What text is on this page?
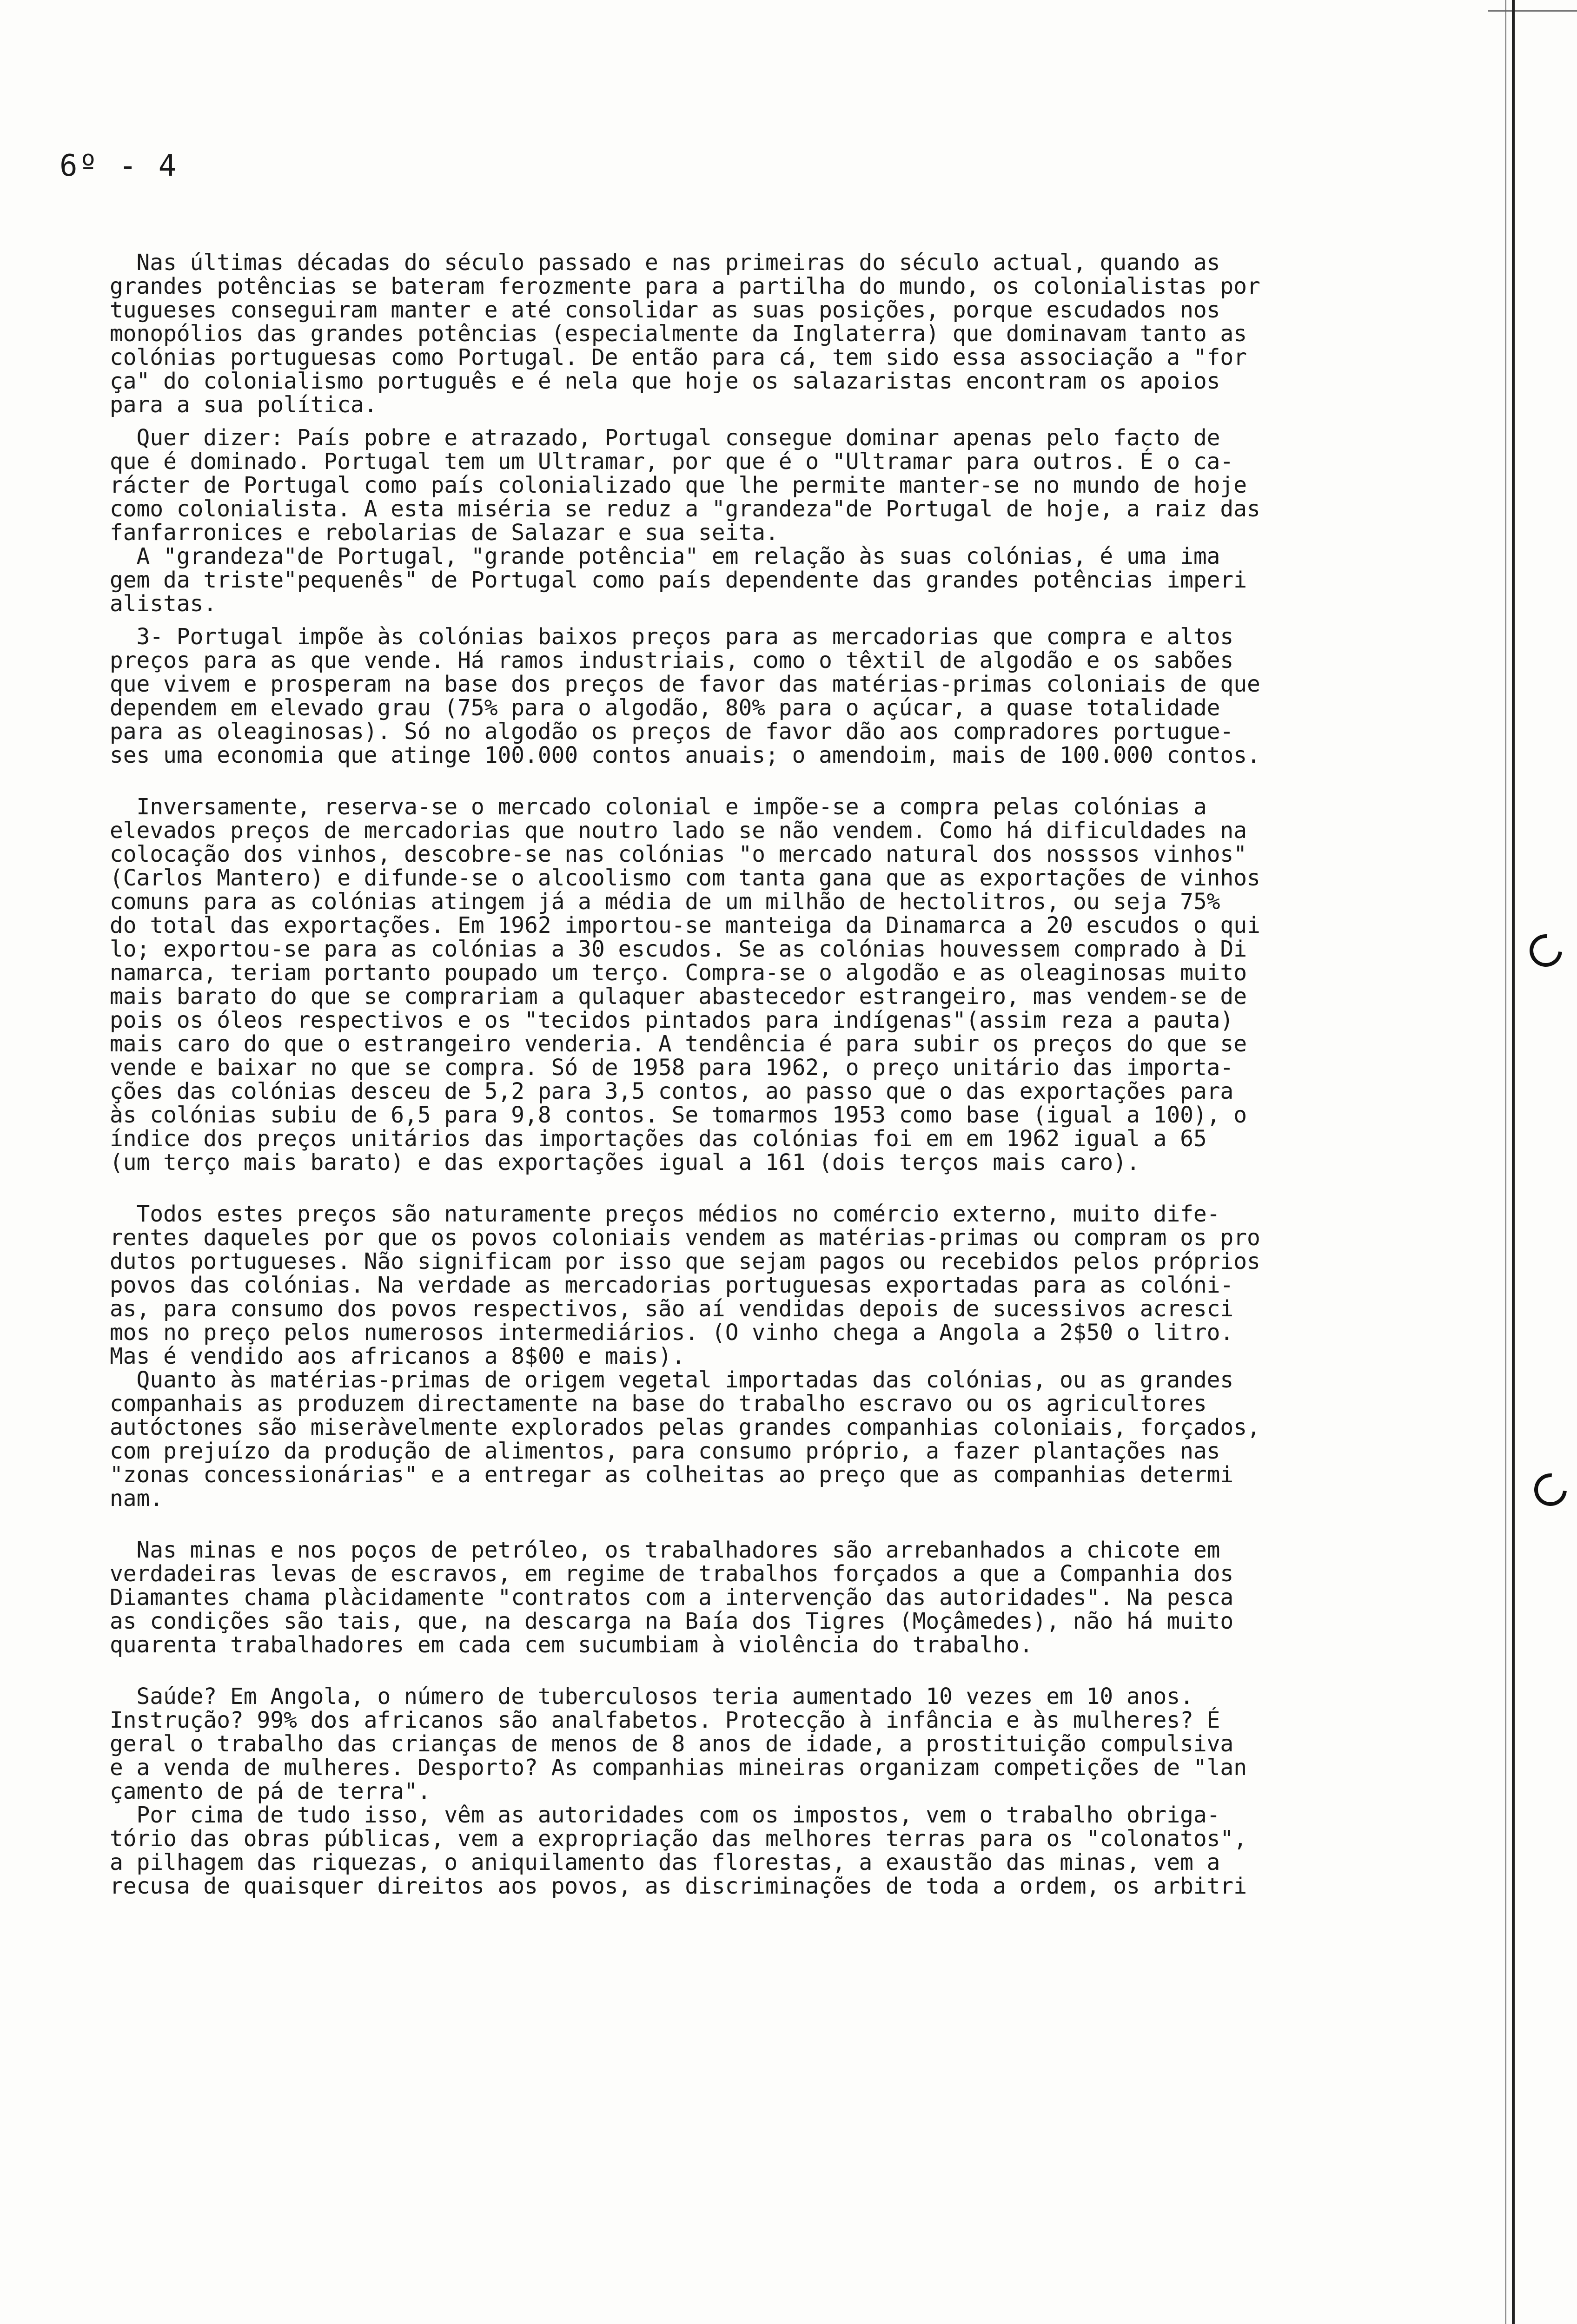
6º - 4
Nas últimas décadas do século passado e nas primeiras do século actual, quando as
grandes potências se bateram ferozmente para a partilha do mundo, os colonialistas por
tugueses conseguiram manter e até consolidar as suas posições, porque escudados nos
monopólios das grandes potências (especialmente da Inglaterra) que dominavam tanto as
colónias portuguesas como Portugal. De então para cá, tem sido essa associação a "for
ça" do colonialismo português e é nela que hoje os salazaristas encontram os apoios
para a sua política.
Quer dizer: País pobre e atrazado, Portugal consegue dominar apenas pelo facto de
que é dominado. Portugal tem um Ultramar, por que é o "Ultramar para outros. É o ca-
rácter de Portugal como país colonializado que lhe permite manter-se no mundo de hoje
como colonialista. A esta miséria se reduz a "grandeza"de Portugal de hoje, a raiz das
fanfarronices e rebolarias de Salazar e sua seita.
A "grandeza"de Portugal, "grande potência" em relação às suas colónias, é uma ima
gem da triste"pequenês" de Portugal como país dependente das grandes potências imperi
alistas.
3- Portugal impõe às colónias baixos preços para as mercadorias que compra e altos
preços para as que vende. Há ramos industriais, como o têxtil de algodão e os sabões
que vivem e prosperam na base dos preços de favor das matérias-primas coloniais de que
dependem em elevado grau (75% para o algodão, 80% para o açúcar, a quase totalidade
para as oleaginosas). Só no algodão os preços de favor dão aos compradores portugue-
ses uma economia que atinge 100.000 contos anuais; o amendoim, mais de 100.000 contos.
Inversamente, reserva-se o mercado colonial e impõe-se a compra pelas colónias a
elevados preços de mercadorias que noutro lado se não vendem. Como há dificuldades na
colocação dos vinhos, descobre-se nas colónias "o mercado natural dos nosssos vinhos"
(Carlos Mantero) e difunde-se o alcoolismo com tanta gana que as exportações de vinhos
comuns para as colónias atingem já a média de um milhão de hectolitros, ou seja 75%
do total das exportações. Em 1962 importou-se manteiga da Dinamarca a 20 escudos o qui
lo; exportou-se para as colónias a 30 escudos. Se as colónias houvessem comprado à Di
namarca, teriam portanto poupado um terço. Compra-se o algodão e as oleaginosas muito
mais barato do que se comprariam a qulaquer abastecedor estrangeiro, mas vendem-se de
pois os óleos respectivos e os "tecidos pintados para indígenas"(assim reza a pauta)
mais caro do que o estrangeiro venderia. A tendência é para subir os preços do que se
vende e baixar no que se compra. Só de 1958 para 1962, o preço unitário das importa-
ções das colónias desceu de 5,2 para 3,5 contos, ao passo que o das exportações para
às colónias subiu de 6,5 para 9,8 contos. Se tomarmos 1953 como base (igual a 100), o
índice dos preços unitários das importações das colónias foi em em 1962 igual a 65
(um terço mais barato) e das exportações igual a 161 (dois terços mais caro).
Todos estes preços são naturamente preços médios no comércio externo, muito dife-
rentes daqueles por que os povos coloniais vendem as matérias-primas ou compram os pro
dutos portugueses. Não significam por isso que sejam pagos ou recebidos pelos próprios
povos das colónias. Na verdade as mercadorias portuguesas exportadas para as colóni-
as, para consumo dos povos respectivos, são aí vendidas depois de sucessivos acresci
mos no preço pelos numerosos intermediários. (O vinho chega a Angola a 2$50 o litro.
Mas é vendido aos africanos a 8$00 e mais).
Quanto às matérias-primas de origem vegetal importadas das colónias, ou as grandes
companhais as produzem directamente na base do trabalho escravo ou os agricultores
autóctones são miseràvelmente explorados pelas grandes companhias coloniais, forçados,
com prejuízo da produção de alimentos, para consumo próprio, a fazer plantações nas
"zonas concessionárias" e a entregar as colheitas ao preço que as companhias determi
nam.
Nas minas e nos poços de petróleo, os trabalhadores são arrebanhados a chicote em
verdadeiras levas de escravos, em regime de trabalhos forçados a que a Companhia dos
Diamantes chama plàcidamente "contratos com a intervenção das autoridades". Na pesca
as condições são tais, que, na descarga na Baía dos Tigres (Moçâmedes), não há muito
quarenta trabalhadores em cada cem sucumbiam à violência do trabalho.
Saúde? Em Angola, o número de tuberculosos teria aumentado 10 vezes em 10 anos.
Instrução? 99% dos africanos são analfabetos. Protecção à infância e às mulheres? É
geral o trabalho das crianças de menos de 8 anos de idade, a prostituição compulsiva
e a venda de mulheres. Desporto? As companhias mineiras organizam competições de "lan
çamento de pá de terra".
Por cima de tudo isso, vêm as autoridades com os impostos, vem o trabalho obriga-
tório das obras públicas, vem a expropriação das melhores terras para os "colonatos",
a pilhagem das riquezas, o aniquilamento das florestas, a exaustão das minas, vem a
recusa de quaisquer direitos aos povos, as discriminações de toda a ordem, os arbitri
